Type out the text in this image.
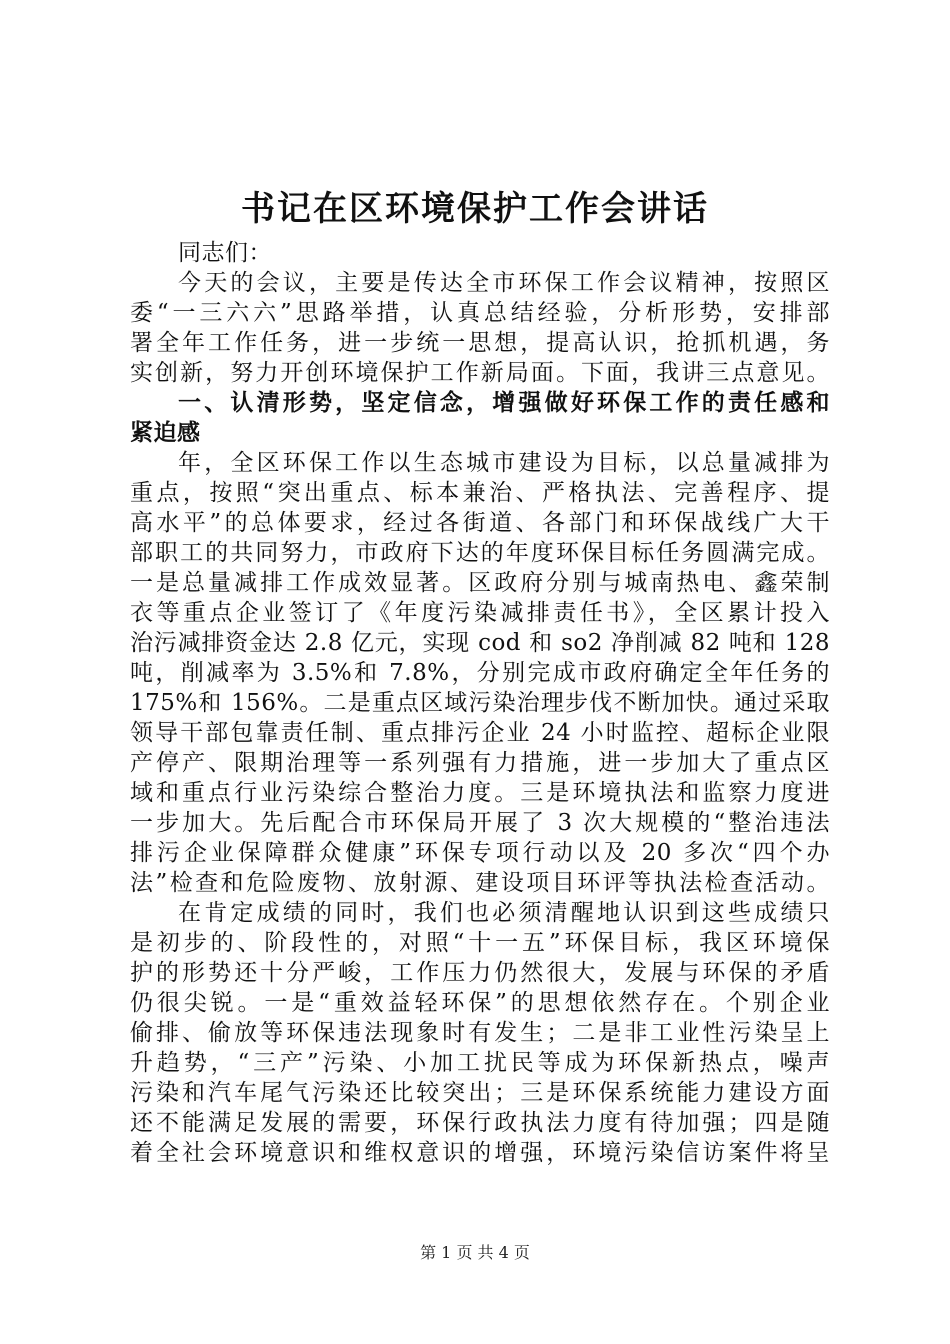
书记在区环境保护工作会讲话
同志们：
今天的会议，主要是传达全市环保工作会议精神，按照区
委“一三六六”思路举措，认真总结经验，分析形势，安排部
署全年工作任务，进一步统一思想，提高认识，抢抓机遇，务
实创新，努力开创环境保护工作新局面。下面，我讲三点意见。
一、认清形势，坚定信念，增强做好环保工作的责任感和
紧迫感
年，全区环保工作以生态城市建设为目标，以总量减排为
重点，按照“突出重点、标本兼治、严格执法、完善程序、提
高水平”的总体要求，经过各街道、各部门和环保战线广大干
部职工的共同努力，市政府下达的年度环保目标任务圆满完成。
一是总量减排工作成效显著。区政府分别与城南热电、鑫荣制
衣等重点企业签订了《年度污染减排责任书》，全区累计投入
治污减排资金达 2.8 亿元，实现 cod 和 so2 净削减 82 吨和 128
吨，削减率为 3.5%和 7.8%，分别完成市政府确定全年任务的
175%和 156%。二是重点区域污染治理步伐不断加快。通过采取
领导干部包靠责任制、重点排污企业 24 小时监控、超标企业限
产停产、限期治理等一系列强有力措施，进一步加大了重点区
域和重点行业污染综合整治力度。三是环境执法和监察力度进
一步加大。先后配合市环保局开展了 3 次大规模的“整治违法
排污企业保障群众健康”环保专项行动以及 20 多次“四个办
法”检查和危险废物、放射源、建设项目环评等执法检查活动。
在肯定成绩的同时，我们也必须清醒地认识到这些成绩只
是初步的、阶段性的，对照“十一五”环保目标，我区环境保
护的形势还十分严峻，工作压力仍然很大，发展与环保的矛盾
仍很尖锐。一是“重效益轻环保”的思想依然存在。个别企业
偷排、偷放等环保违法现象时有发生；二是非工业性污染呈上
升趋势，“三产”污染、小加工扰民等成为环保新热点，噪声
污染和汽车尾气污染还比较突出；三是环保系统能力建设方面
还不能满足发展的需要，环保行政执法力度有待加强；四是随
着全社会环境意识和维权意识的增强，环境污染信访案件将呈
第 1 页 共 4 页
